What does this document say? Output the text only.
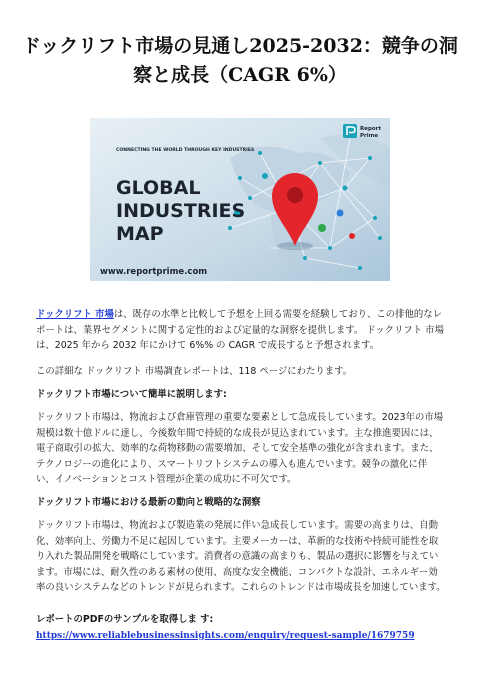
ドックリフト市場の見通し2025-2032：競争の洞察と成長（CAGR 6%）
CONNECTING THE WORLD THROUGH KEY INDUSTRIES
GLOBAL
INDUSTRIES
MAP
www.reportprime.com
Report
Prime

ドックリフト 市場は、既存の水準と比較して予想を上回る需要を経験しており、この排他的なレポートは、業界セグメントに関する定性的および定量的な洞察を提供します。 ドックリフト 市場は、2025 年から 2032 年にかけて 6%% の CAGR で成長すると予想されます。

この詳細な ドックリフト 市場調査レポートは、118 ページにわたります。

ドックリフト市場について簡単に説明します:

ドックリフト市場は、物流および倉庫管理の重要な要素として急成長しています。2023年の市場規模は数十億ドルに達し、今後数年間で持続的な成長が見込まれています。主な推進要因には、電子商取引の拡大、効率的な荷物移動の需要増加、そして安全基準の強化が含まれます。また、テクノロジーの進化により、スマートリフトシステムの導入も進んでいます。競争の激化に伴い、イノベーションとコスト管理が企業の成功に不可欠です。

ドックリフト市場における最新の動向と戦略的な洞察

ドックリフト市場は、物流および製造業の発展に伴い急成長しています。需要の高まりは、自動化、効率向上、労働力不足に起因しています。主要メーカーは、革新的な技術や持続可能性を取り入れた製品開発を戦略にしています。消費者の意識の高まりも、製品の選択に影響を与えています。市場には、耐久性のある素材の使用、高度な安全機能、コンパクトな設計、エネルギー効率の良いシステムなどのトレンドが見られます。これらのトレンドは市場成長を加速しています。

レポートのPDFのサンプルを取得しま す: https://www.reliablebusinessinsights.com/enquiry/request-sample/1679759
